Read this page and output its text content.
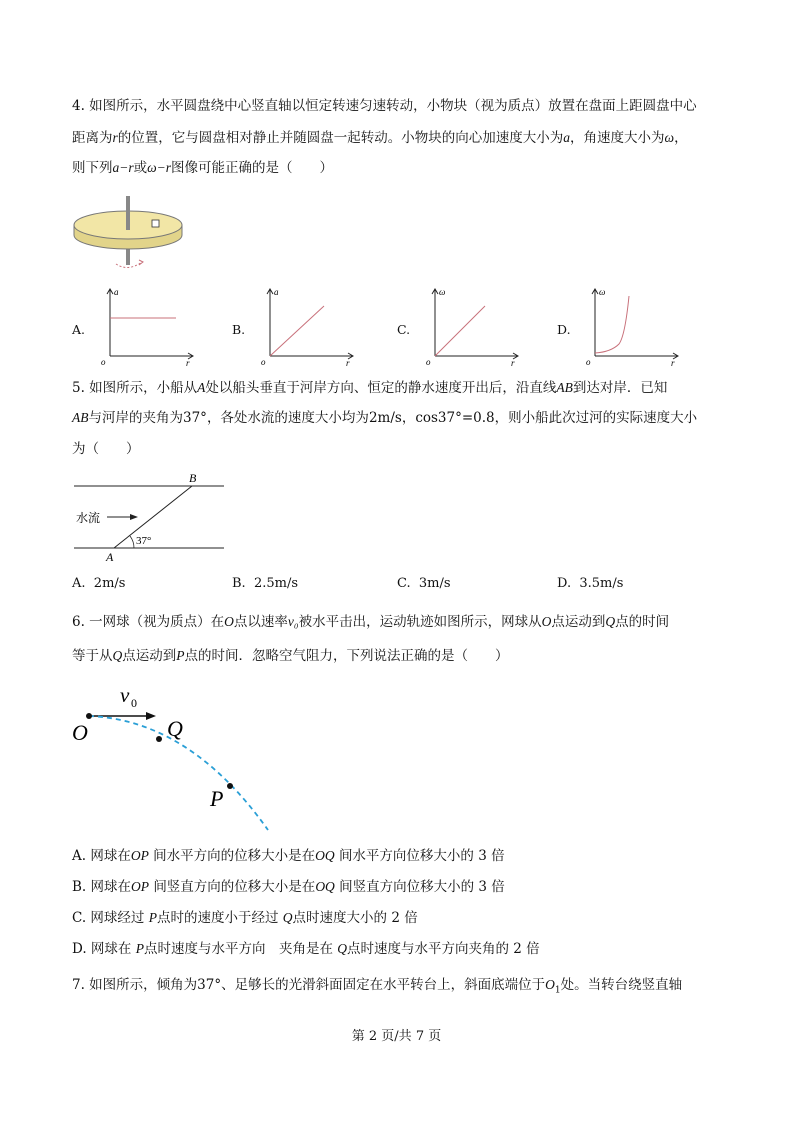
4. 如图所示，水平圆盘绕中心竖直轴以恒定转速匀速转动，小物块（视为质点）放置在盘面上距圆盘中心
距离为r的位置，它与圆盘相对静止并随圆盘一起转动。小物块的向心加速度大小为a，角速度大小为ω，
则下列a−r或ω−r图像可能正确的是（　　）
A.	B.	C.	D.
a
r
o
a
r
o
ω
r
o
ω
r
o
5. 如图所示，小船从A处以船头垂直于河岸方向、恒定的静水速度开出后，沿直线AB到达对岸．已知
AB与河岸的夹角为37°，各处水流的速度大小均为2m/s，cos37°=0.8，则小船此次过河的实际速度大小
为（　　）
B
A
水流
37°
A. 2m/s	B. 2.5m/s	C. 3m/s	D. 3.5m/s
6. 一网球（视为质点）在O点以速率v₀被水平击出，运动轨迹如图所示，网球从O点运动到Q点的时间
等于从Q点运动到P点的时间．忽略空气阻力，下列说法正确的是（　　）
v 0
O	Q
P
A. 网球在OP 间水平方向的位移大小是在OQ 间水平方向位移大小的 3 倍
B. 网球在OP 间竖直方向的位移大小是在OQ 间竖直方向位移大小的 3 倍
C. 网球经过 P点时的速度小于经过 Q点时速度大小的 2 倍
D. 网球在 P点时速度与水平方向　夹角是在 Q点时速度与水平方向夹角的 2 倍
7. 如图所示，倾角为37°、足够长的光滑斜面固定在水平转台上，斜面底端位于$O_1$处。当转台绕竖直轴
第 2 页/共 7 页
